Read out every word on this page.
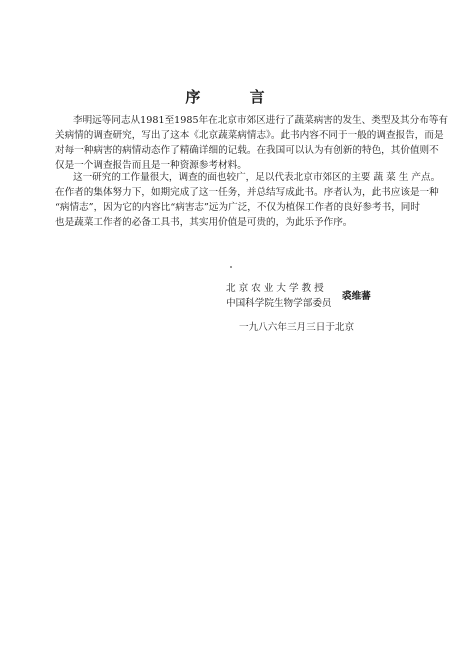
序 言

李明远等同志从1981至1985年在北京市郊区进行了蔬菜病害的发生、类型及其分布等有
关病情的调查研究，写出了这本《北京蔬菜病情志》。此书内容不同于一般的调查报告，而是
对每一种病害的病情动态作了精确详细的记载。在我国可以认为有创新的特色，其价值则不
仅是一个调查报告而且是一种资源参考材料。

这一研究的工作量很大，调查的面也较广，足以代表北京市郊区的主要 蔬 菜 生 产点。
在作者的集体努力下，如期完成了这一任务，并总结写成此书。序者认为，此书应该是一种
“病情志”，因为它的内容比“病害志”远为广泛，不仅为植保工作者的良好参考书，同时
也是蔬菜工作者的必备工具书，其实用价值是可贵的，为此乐予作序。

北京农业大学教授
中国科学院生物学部委员
裘维蕃
一九八六年三月三日于北京
